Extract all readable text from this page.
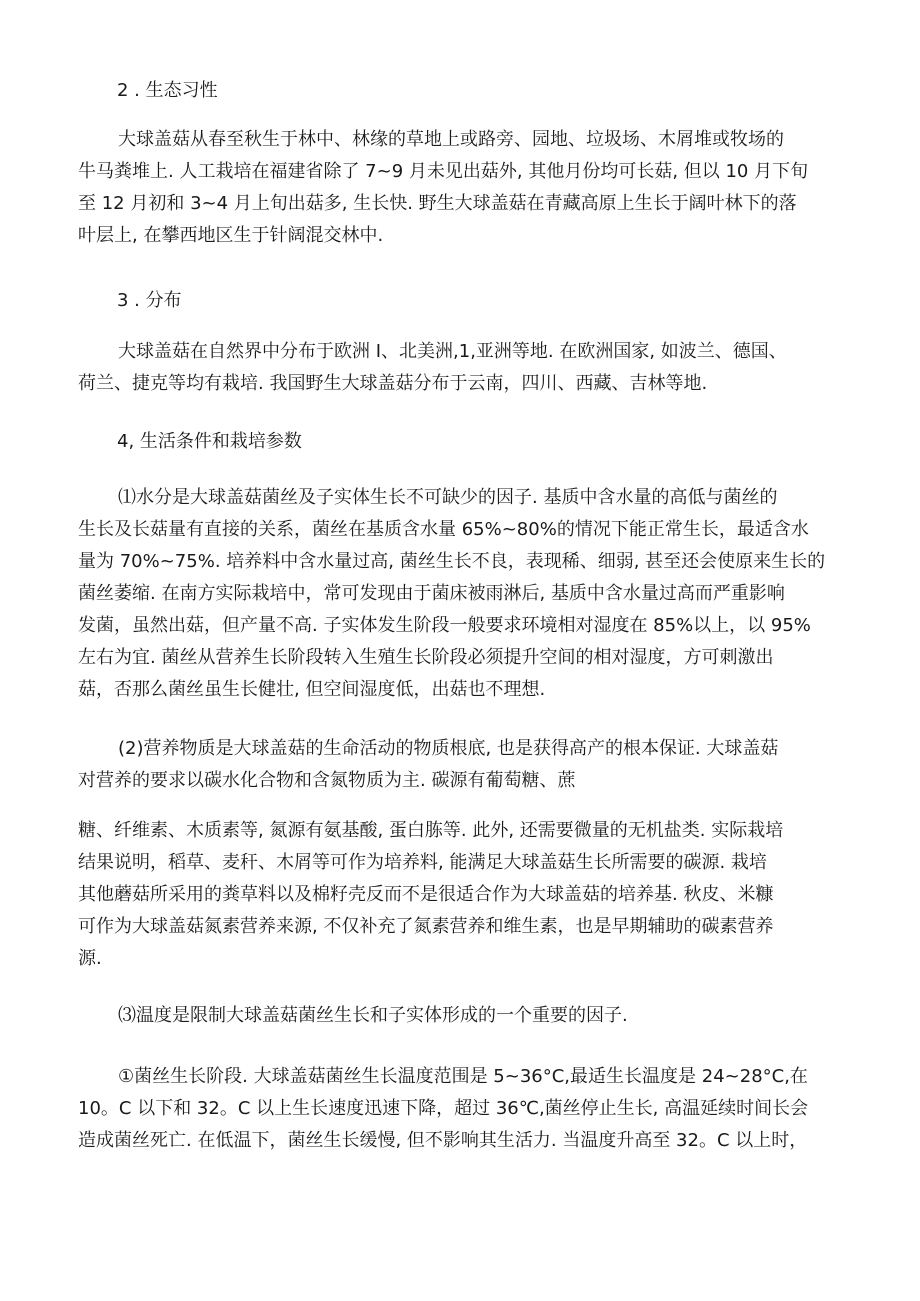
2 . 生态习性
大球盖菇从春至秋生于林中、林缘的草地上或路旁、园地、垃圾场、木屑堆或牧场的
牛马粪堆上. 人工栽培在福建省除了 7~9 月未见出菇外, 其他月份均可长菇, 但以 10 月下旬
至 12 月初和 3~4 月上旬出菇多, 生长快. 野生大球盖菇在青藏高原上生长于阔叶林下的落
叶层上, 在攀西地区生于针阔混交林中.
3 . 分布
大球盖菇在自然界中分布于欧洲 I、北美洲,1,亚洲等地. 在欧洲国家, 如波兰、德国、
荷兰、捷克等均有栽培. 我国野生大球盖菇分布于云南，四川、西藏、吉林等地.
4, 生活条件和栽培参数
⑴水分是大球盖菇菌丝及子实体生长不可缺少的因子. 基质中含水量的高低与菌丝的
生长及长菇量有直接的关系，菌丝在基质含水量 65%~80%的情况下能正常生长，最适含水
量为 70%~75%. 培养料中含水量过高, 菌丝生长不良，表现稀、细弱, 甚至还会使原来生长的
菌丝萎缩. 在南方实际栽培中，常可发现由于菌床被雨淋后, 基质中含水量过高而严重影响
发菌，虽然出菇，但产量不高. 子实体发生阶段一般要求环境相对湿度在 85%以上，以 95%
左右为宜. 菌丝从营养生长阶段转入生殖生长阶段必须提升空间的相对湿度，方可刺激出
菇，否那么菌丝虽生长健壮, 但空间湿度低，出菇也不理想.
(2)营养物质是大球盖菇的生命活动的物质根底, 也是获得高产的根本保证. 大球盖菇
对营养的要求以碳水化合物和含氮物质为主. 碳源有葡萄糖、蔗
糖、纤维素、木质素等, 氮源有氨基酸, 蛋白胨等. 此外, 还需要微量的无机盐类. 实际栽培
结果说明，稻草、麦秆、木屑等可作为培养料, 能满足大球盖菇生长所需要的碳源. 栽培
其他蘑菇所采用的粪草料以及棉籽壳反而不是很适合作为大球盖菇的培养基. 秋皮、米糠
可作为大球盖菇氮素营养来源, 不仅补充了氮素营养和维生素，也是早期辅助的碳素营养
源.
⑶温度是限制大球盖菇菌丝生长和子实体形成的一个重要的因子.
①菌丝生长阶段. 大球盖菇菌丝生长温度范围是 5~36°C,最适生长温度是 24~28°C,在
10。C 以下和 32。C 以上生长速度迅速下降，超过 36℃,菌丝停止生长, 高温延续时间长会
造成菌丝死亡. 在低温下，菌丝生长缓慢, 但不影响其生活力. 当温度升高至 32。C 以上时，
